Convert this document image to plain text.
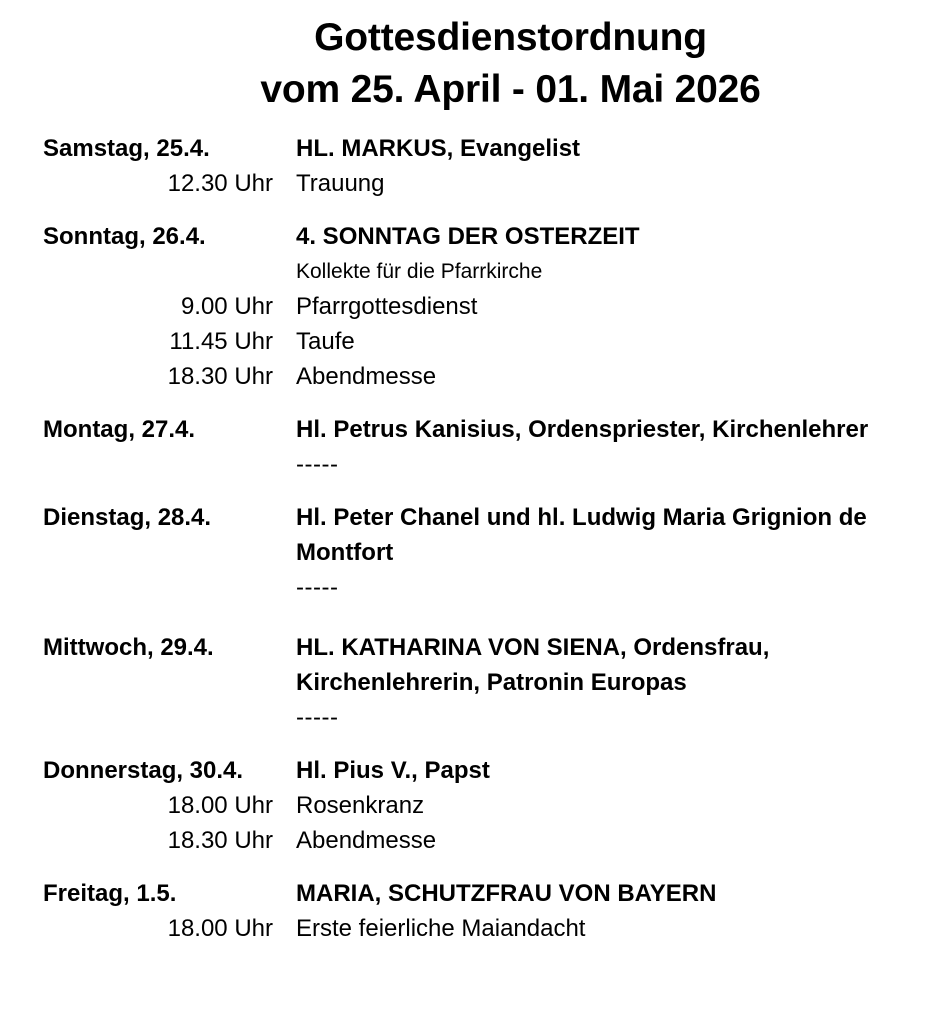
Gottesdienstordnung
vom 25. April - 01. Mai 2026
Samstag, 25.4.	HL. MARKUS, Evangelist
12.30 Uhr Trauung
Sonntag, 26.4.	4. SONNTAG DER OSTERZEIT
Kollekte für die Pfarrkirche
9.00 Uhr Pfarrgottesdienst
11.45 Uhr Taufe
18.30 Uhr Abendmesse
Montag, 27.4.	Hl. Petrus Kanisius, Ordenspriester, Kirchenlehrer
-----
Dienstag, 28.4.	Hl. Peter Chanel und hl. Ludwig Maria Grignion de Montfort
-----
Mittwoch, 29.4.	HL. KATHARINA VON SIENA, Ordensfrau, Kirchenlehrerin, Patronin Europas
-----
Donnerstag, 30.4.	Hl. Pius V., Papst
18.00 Uhr Rosenkranz
18.30 Uhr Abendmesse
Freitag, 1.5.	MARIA, SCHUTZFRAU VON BAYERN
18.00 Uhr Erste feierliche Maiandacht
